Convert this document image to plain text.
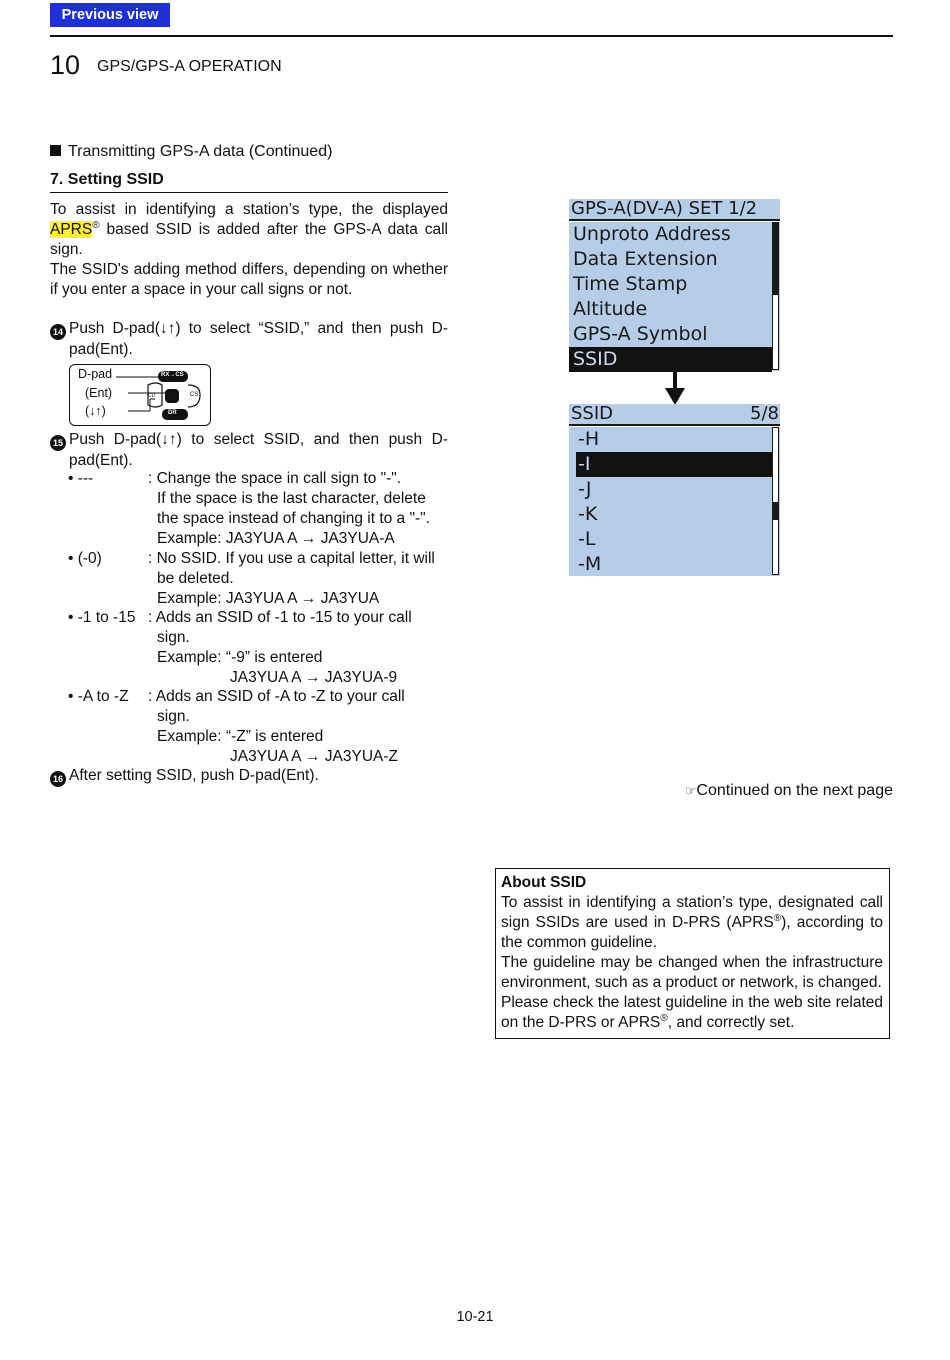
Previous view
10 GPS/GPS-A OPERATION
Transmitting GPS-A data (Continued)
7. Setting SSID

To assist in identifying a station’s type, the displayed APRS® based SSID is added after the GPS-A data call sign.

The SSID's adding method differs, depending on whether if you enter a space in your call signs or not.

14 Push D-pad(↓↑) to select “SSID,” and then push D-pad(Ent).
D-pad
(Ent)
(↓↑)
RX→CS
DR
CS
CD
15 Push D-pad(↓↑) to select SSID, and then push D-pad(Ent).
• ---	: Change the space in call sign to "-".
If the space is the last character, delete
the space instead of changing it to a "-".
Example: JA3YUA A → JA3YUA-A
• (-0)	: No SSID. If you use a capital letter, it will
be deleted.
Example: JA3YUA A → JA3YUA
• -1 to -15 : Adds an SSID of -1 to -15 to your call
sign.
Example: “-9” is entered
JA3YUA A → JA3YUA-9
• -A to -Z : Adds an SSID of -A to -Z to your call
sign.
Example: “-Z” is entered
JA3YUA A → JA3YUA-Z
16 After setting SSID, push D-pad(Ent).
GPS-A(DV-A) SET 1/2
Unproto Address
Data Extension
Time Stamp
Altitude
GPS-A Symbol
SSID
SSID	5/8
-H
-I
-J
-K
-L
-M
☞Continued on the next page

About SSID

To assist in identifying a station’s type, designated call sign SSIDs are used in D-PRS (APRS®), according to the common guideline.

The guideline may be changed when the infrastructure environment, such as a product or network, is changed.

Please check the latest guideline in the web site related on the D-PRS or APRS®, and correctly set.

10-21
